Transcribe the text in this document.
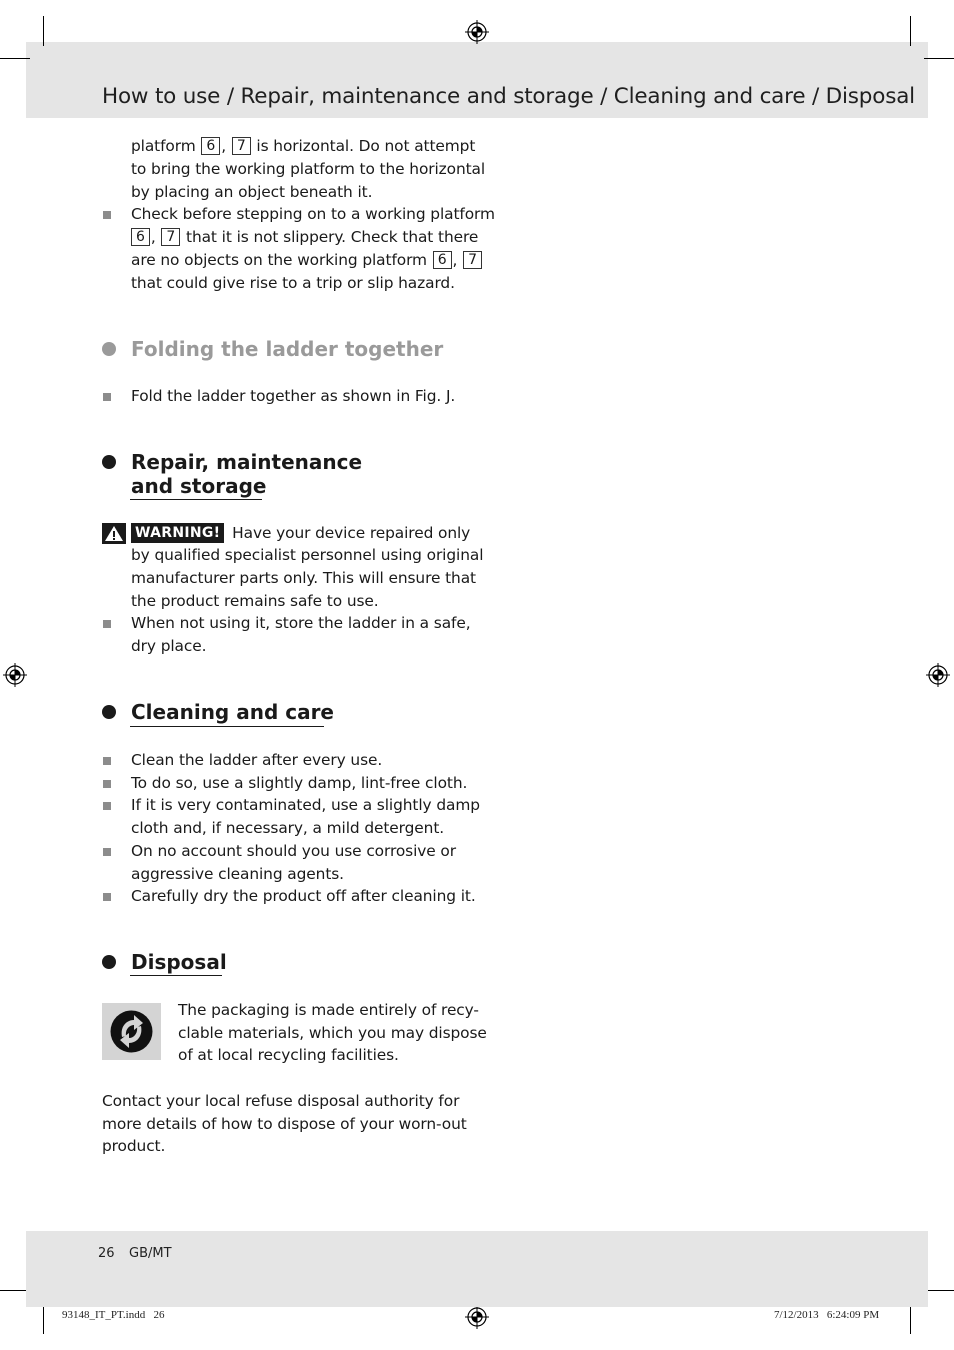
How to use / Repair, maintenance and storage / Cleaning and care / Disposal
platform 6 , 7 is horizontal. Do not attempt
to bring the working platform to the horizontal
by placing an object beneath it.
Check before stepping on to a working platform
6 , 7 that it is not slippery. Check that there
are no objects on the working platform 6 , 7
that could give rise to a trip or slip hazard.
Folding the ladder together
Fold the ladder together as shown in Fig. J.
Repair, maintenance
and storage
WARNING! Have your device repaired only
by qualified specialist personnel using original
manufacturer parts only. This will ensure that
the product remains safe to use.
When not using it, store the ladder in a safe,
dry place.
Cleaning and care
Clean the ladder after every use.
To do so, use a slightly damp, lint-free cloth.
If it is very contaminated, use a slightly damp
cloth and, if necessary, a mild detergent.
On no account should you use corrosive or
aggressive cleaning agents.
Carefully dry the product off after cleaning it.
Disposal
The packaging is made entirely of recy-
clable materials, which you may dispose
of at local recycling facilities.
Contact your local refuse disposal authority for
more details of how to dispose of your worn-out
product.
26 GB/MT
93148_IT_PT.indd   26	7/12/2013   6:24:09 PM
